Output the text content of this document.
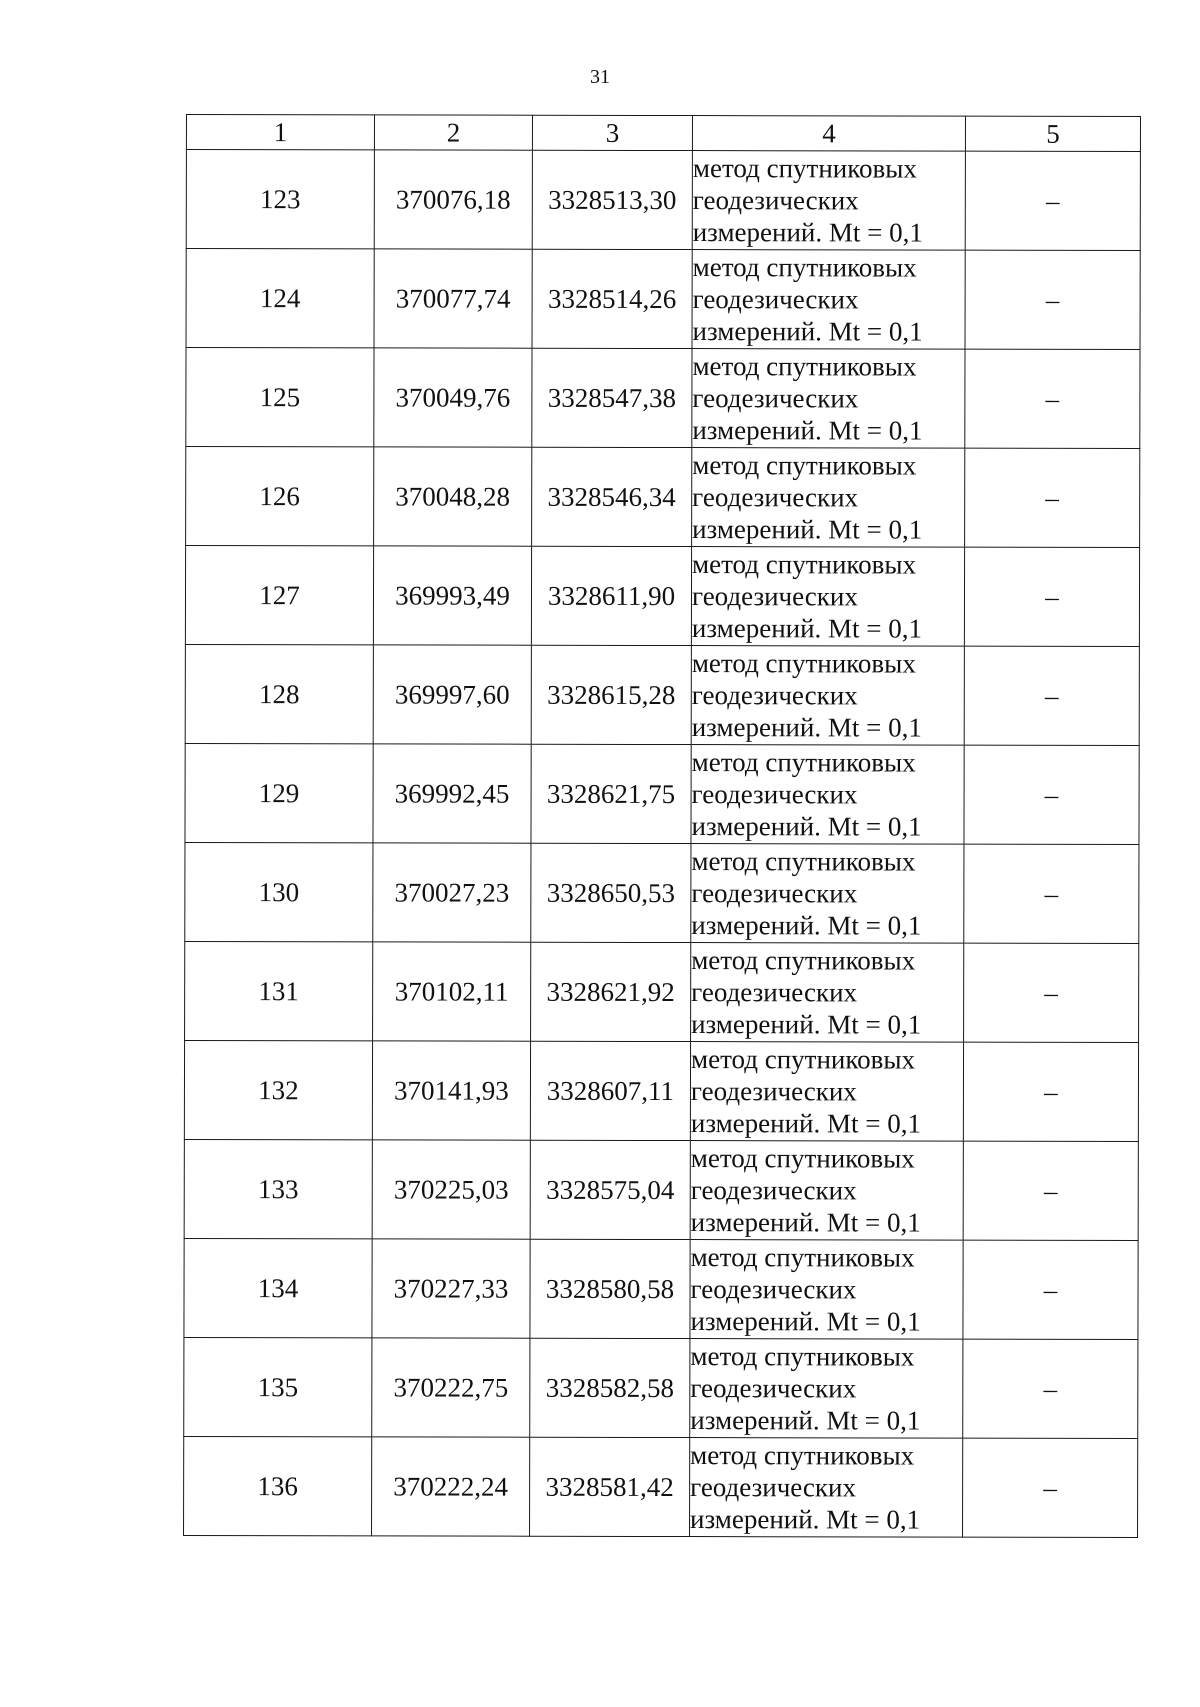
31
1	2	3	4	5
123	370076,18	3328513,30	метод спутниковых
геодезических
измерений. Mt = 0,1	–
124	370077,74	3328514,26	метод спутниковых
геодезических
измерений. Mt = 0,1	–
125	370049,76	3328547,38	метод спутниковых
геодезических
измерений. Mt = 0,1	–
126	370048,28	3328546,34	метод спутниковых
геодезических
измерений. Mt = 0,1	–
127	369993,49	3328611,90	метод спутниковых
геодезических
измерений. Mt = 0,1	–
128	369997,60	3328615,28	метод спутниковых
геодезических
измерений. Mt = 0,1	–
129	369992,45	3328621,75	метод спутниковых
геодезических
измерений. Mt = 0,1	–
130	370027,23	3328650,53	метод спутниковых
геодезических
измерений. Mt = 0,1	–
131	370102,11	3328621,92	метод спутниковых
геодезических
измерений. Mt = 0,1	–
132	370141,93	3328607,11	метод спутниковых
геодезических
измерений. Mt = 0,1	–
133	370225,03	3328575,04	метод спутниковых
геодезических
измерений. Mt = 0,1	–
134	370227,33	3328580,58	метод спутниковых
геодезических
измерений. Mt = 0,1	–
135	370222,75	3328582,58	метод спутниковых
геодезических
измерений. Mt = 0,1	–
136	370222,24	3328581,42	метод спутниковых
геодезических
измерений. Mt = 0,1	–
